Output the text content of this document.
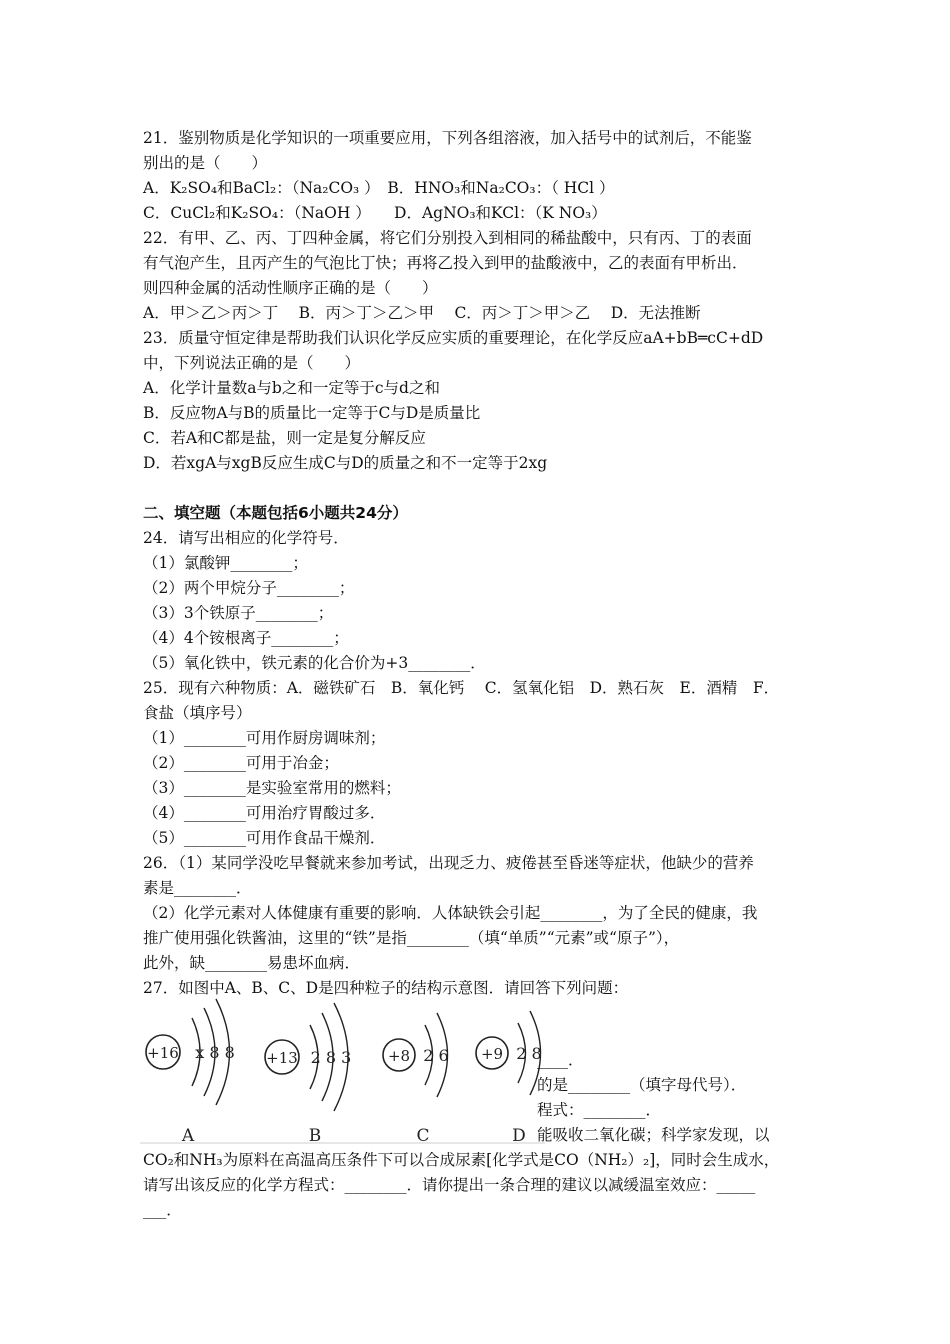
21．鉴别物质是化学知识的一项重要应用，下列各组溶液，加入括号中的试剂后，不能鉴
别出的是（　　）
A．K₂SO₄和BaCl₂：（Na₂CO₃ ）　B．HNO₃和Na₂CO₃：（ HCl ）
C．CuCl₂和K₂SO₄：（NaOH ）　　D．AgNO₃和KCl：（K NO₃）
22．有甲、乙、丙、丁四种金属，将它们分别投入到相同的稀盐酸中，只有丙、丁的表面
有气泡产生，且丙产生的气泡比丁快；再将乙投入到甲的盐酸液中，乙的表面有甲析出．
则四种金属的活动性顺序正确的是（　　）
A．甲＞乙＞丙＞丁　 B．丙＞丁＞乙＞甲　 C．丙＞丁＞甲＞乙　 D．无法推断
23．质量守恒定律是帮助我们认识化学反应实质的重要理论，在化学反应aA+bB═cC+dD
中，下列说法正确的是（　　）
A．化学计量数a与b之和一定等于c与d之和
B．反应物A与B的质量比一定等于C与D是质量比
C．若A和C都是盐，则一定是复分解反应
D．若xgA与xgB反应生成C与D的质量之和不一定等于2xg
二、填空题（本题包括6小题共24分）
24．请写出相应的化学符号．
（1）氯酸钾________；
（2）两个甲烷分子________；
（3）3个铁原子________；
（4）4个铵根离子________；
（5）氧化铁中，铁元素的化合价为+3________．
25．现有六种物质：A．磁铁矿石　B．氧化钙　 C．氢氧化铝　D．熟石灰　E．酒精　F．
食盐（填序号）
（1）________可用作厨房调味剂；
（2）________可用于冶金；
（3）________是实验室常用的燃料；
（4）________可用治疗胃酸过多．
（5）________可用作食品干燥剂．
26．（1）某同学没吃早餐就来参加考试，出现乏力、疲倦甚至昏迷等症状，他缺少的营养
素是________．
（2）化学元素对人体健康有重要的影响．人体缺铁会引起________，为了全民的健康，我
推广使用强化铁酱油，这里的“铁”是指________（填“单质”“元素”或“原子”），
此外，缺________易患坏血病．
27．如图中A、B、C、D是四种粒子的结构示意图．请回答下列问题：
+16 x 8 8
A
+13 2 8 3
B
+8 2 6
C
+9 2 8
D
____．
的是________（填字母代号）．
程式：________．
能吸收二氧化碳；科学家发现，以
CO₂和NH₃为原料在高温高压条件下可以合成尿素[化学式是CO（NH₂）₂]，同时会生成水，
请写出该反应的化学方程式：________．请你提出一条合理的建议以减缓温室效应：_____
___．
